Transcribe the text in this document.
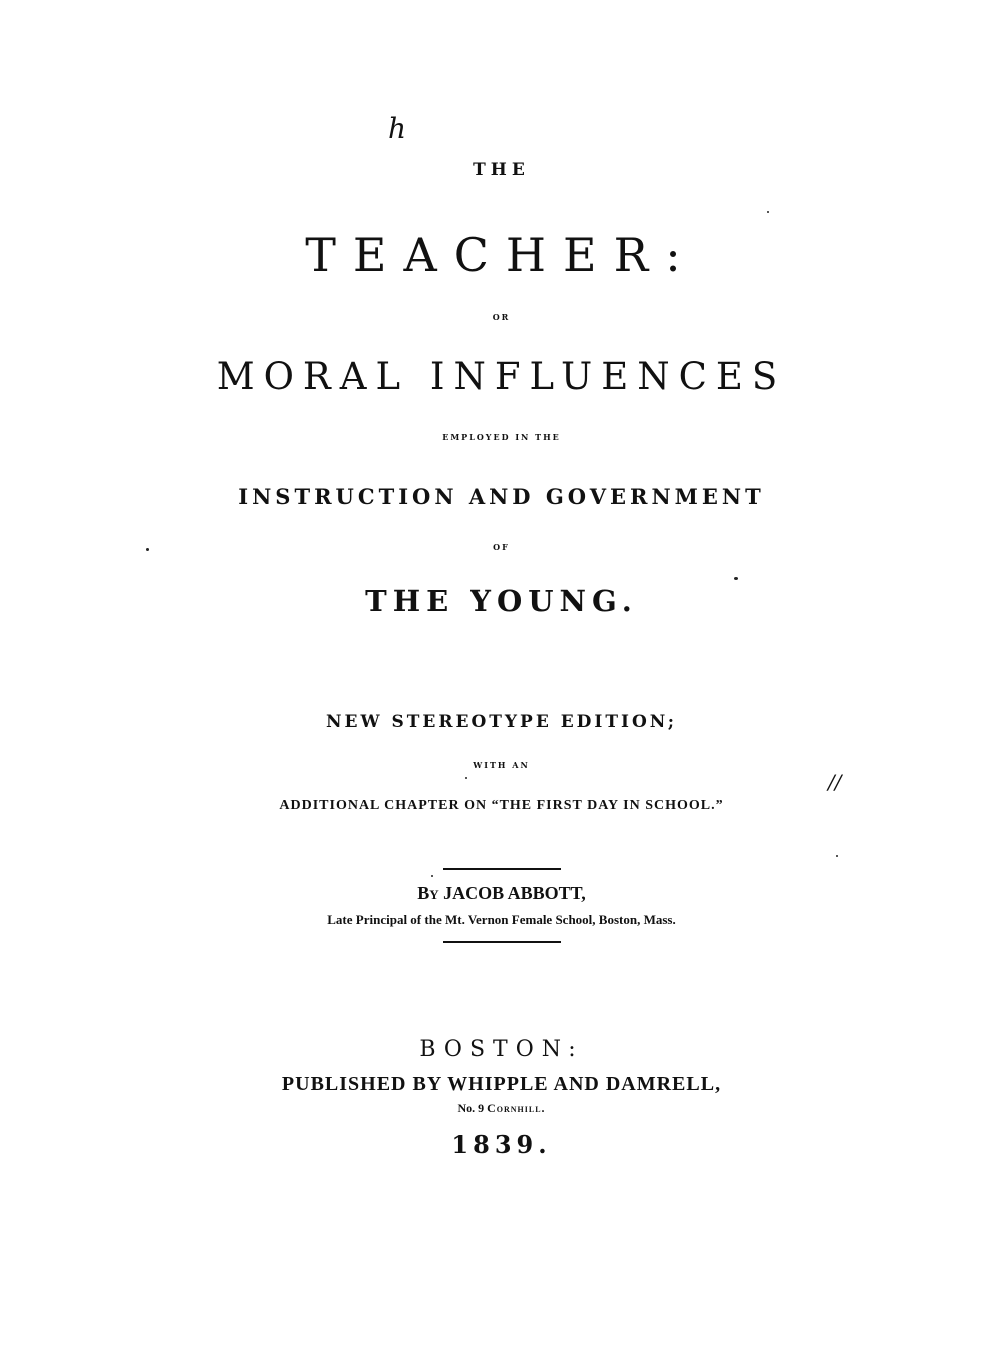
h
THE
TEACHER:
OR
MORAL INFLUENCES
EMPLOYED IN THE
INSTRUCTION AND GOVERNMENT
OF
THE YOUNG.
NEW STEREOTYPE EDITION;
WITH AN
ADDITIONAL CHAPTER ON “THE FIRST DAY IN SCHOOL.”
//
By JACOB ABBOTT,
Late Principal of the Mt. Vernon Female School, Boston, Mass.
BOSTON:
PUBLISHED BY WHIPPLE AND DAMRELL,
No. 9 Cornhill.
1839.
